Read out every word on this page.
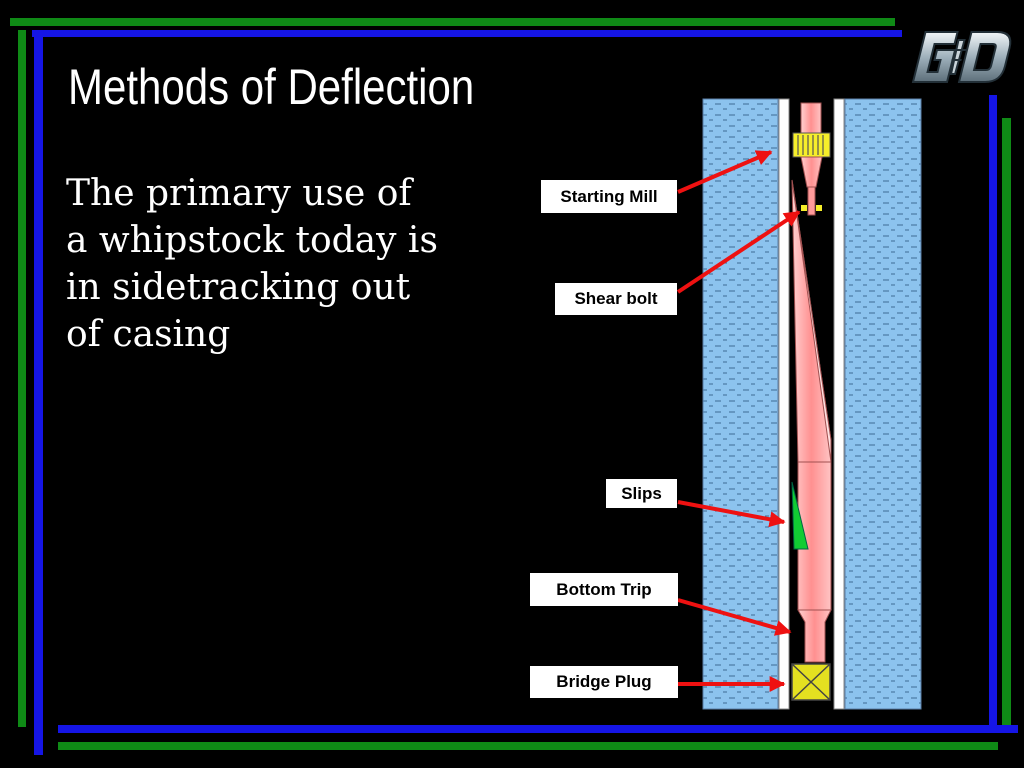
Methods of Deflection
The primary use of
a whipstock today is
in sidetracking out
of casing
Starting Mill
Shear bolt
Slips
Bottom Trip
Bridge Plug
